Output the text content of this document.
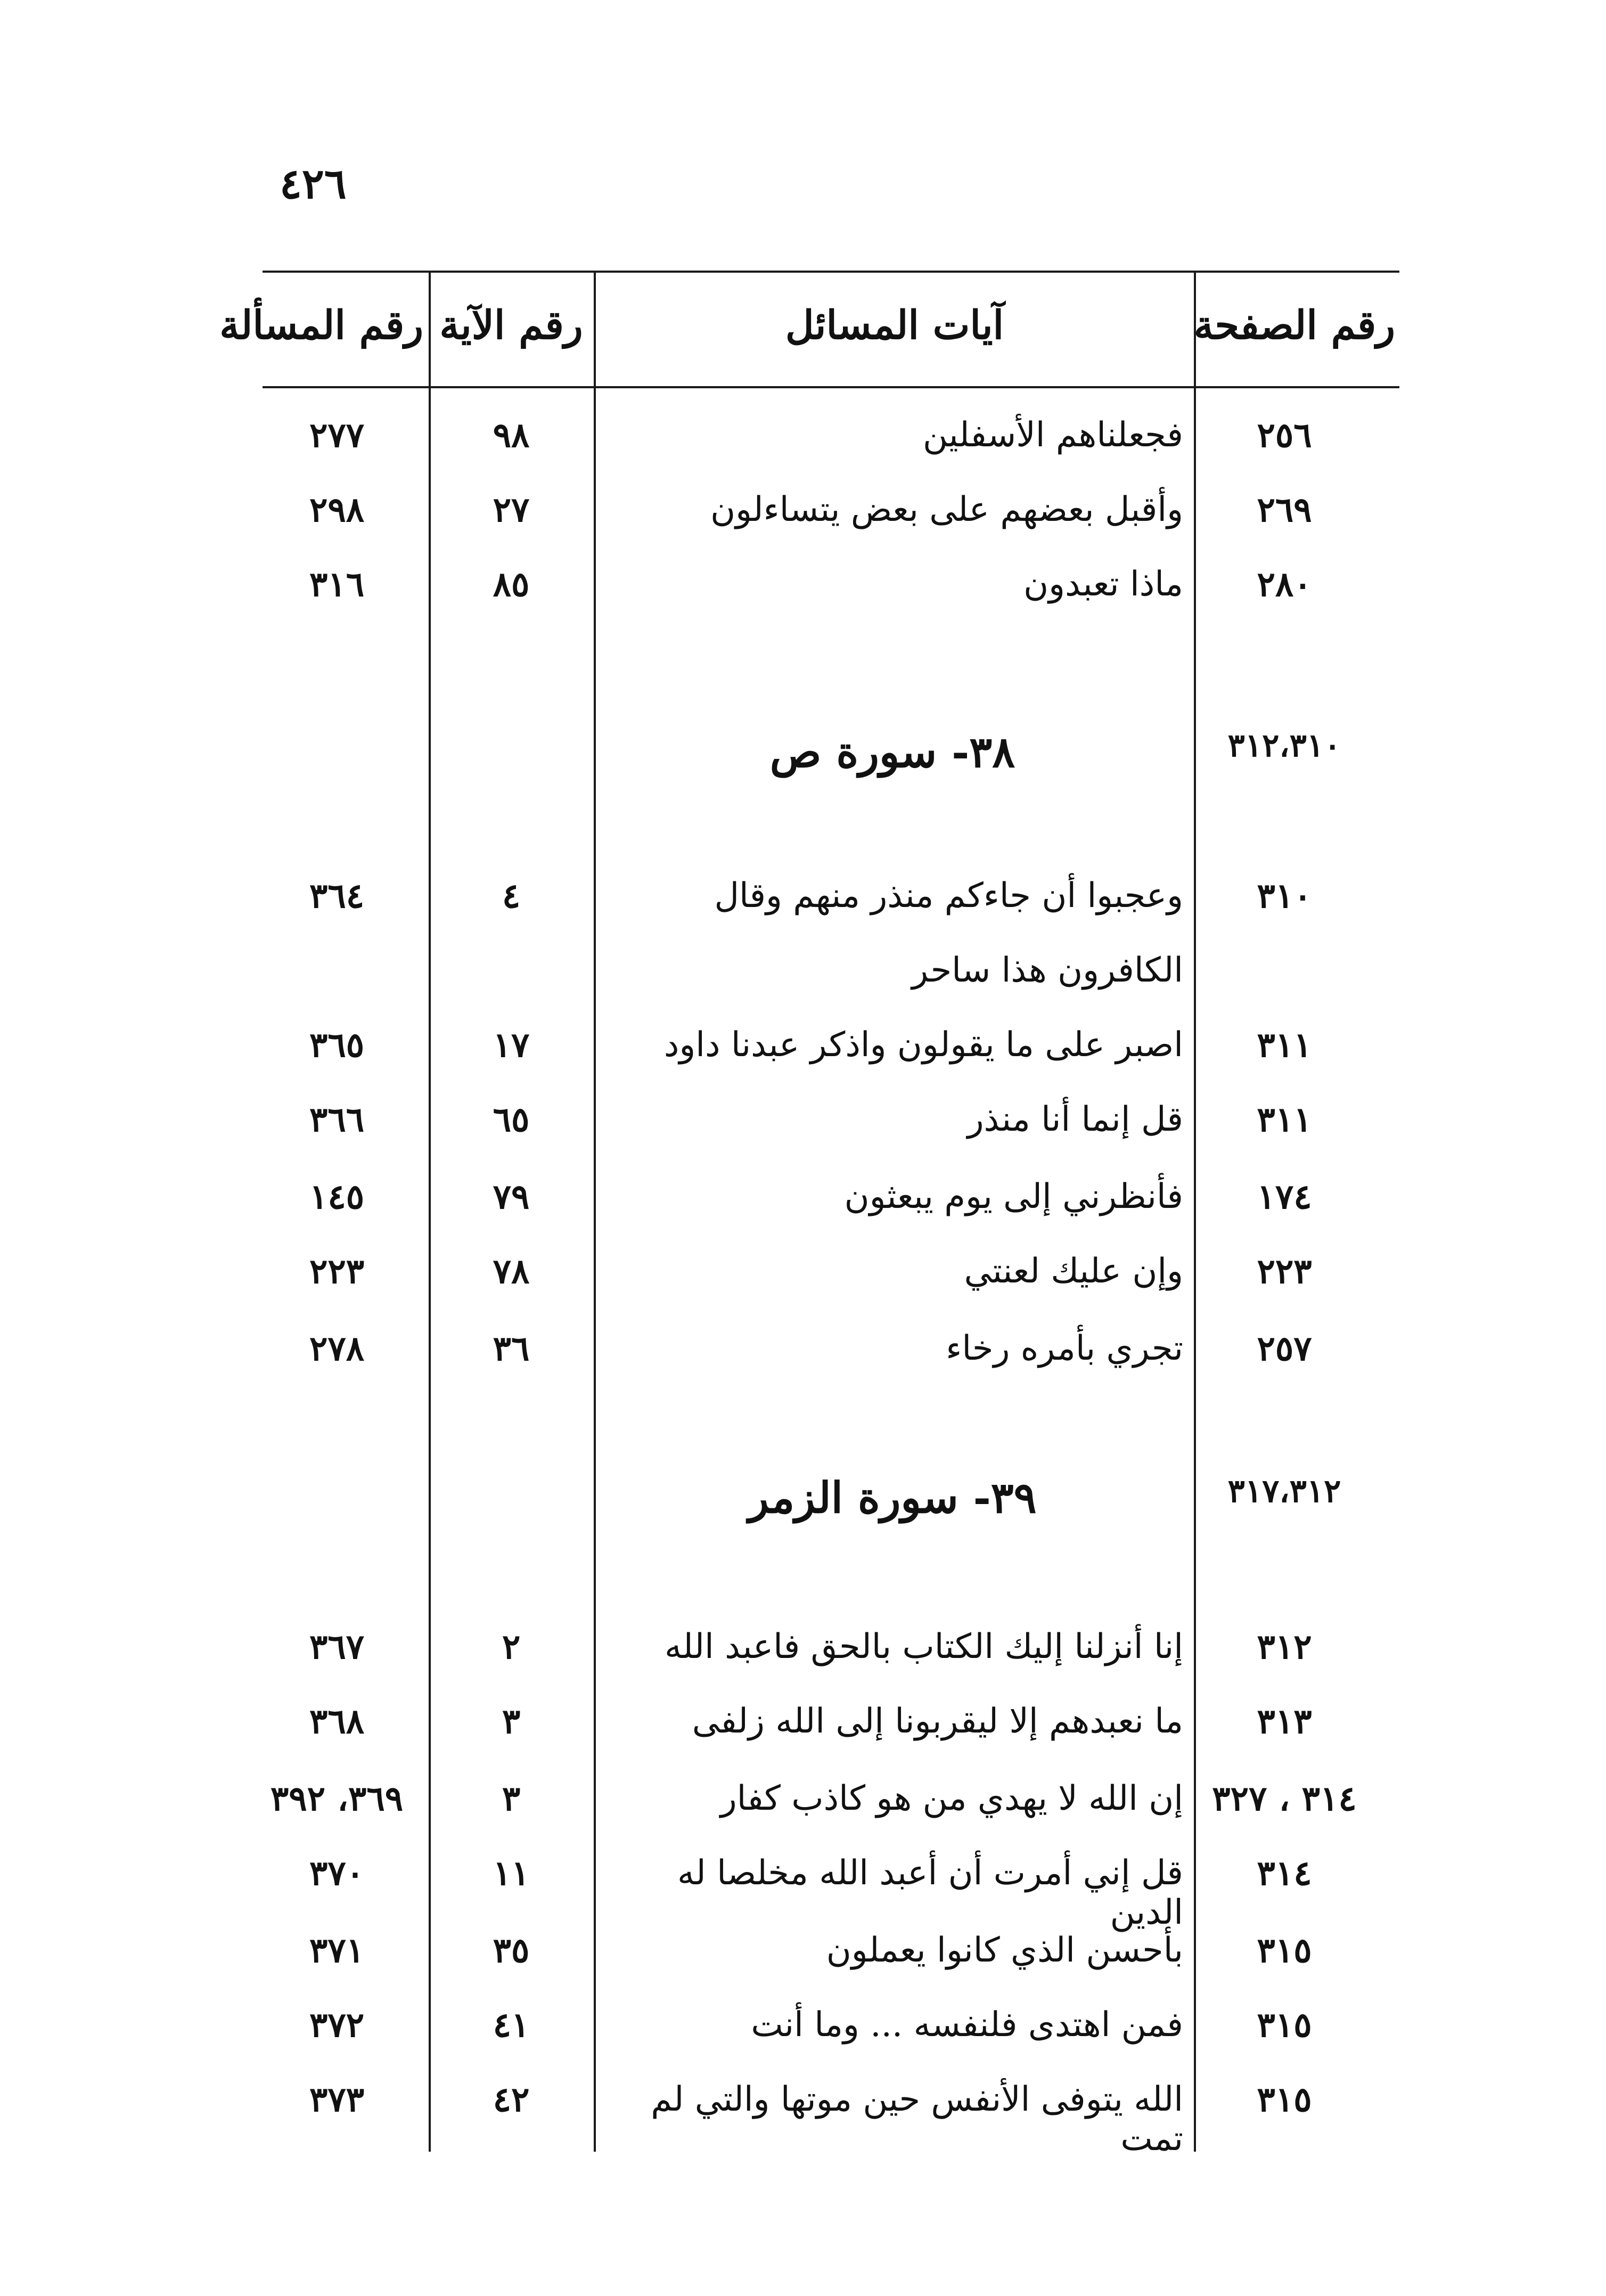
٤٢٦
رقم الصفحة
آيات المسائل
رقم الآية
رقم المسألة
٢٥٦
فجعلناهم الأسفلين
٩٨
٢٧٧
٢٦٩
وأقبل بعضهم على بعض يتساءلون
٢٧
٢٩٨
٢٨٠
ماذا تعبدون
٨٥
٣١٦
٣١٢،٣١٠
٣٨- سورة ص
٣١٠
وعجبوا أن جاءكم منذر منهم وقال
الكافرون هذا ساحر
٤
٣٦٤
٣١١
اصبر على ما يقولون واذكر عبدنا داود
١٧
٣٦٥
٣١١
قل إنما أنا منذر
٦٥
٣٦٦
١٧٤
فأنظرني إلى يوم يبعثون
٧٩
١٤٥
٢٢٣
وإن عليك لعنتي
٧٨
٢٢٣
٢٥٧
تجري بأمره رخاء
٣٦
٢٧٨
٣١٧،٣١٢
٣٩- سورة الزمر
٣١٢
إنا أنزلنا إليك الكتاب بالحق فاعبد الله
٢
٣٦٧
٣١٣
ما نعبدهم إلا ليقربونا إلى الله زلفى
٣
٣٦٨
٣١٤ ، ٣٢٧
إن الله لا يهدي من هو كاذب كفار
٣
٣٦٩، ٣٩٢
٣١٤
قل إني أمرت أن أعبد الله مخلصا له الدين
١١
٣٧٠
٣١٥
بأحسن الذي كانوا يعملون
٣٥
٣٧١
٣١٥
فمن اهتدى فلنفسه ... وما أنت
٤١
٣٧٢
٣١٥
الله يتوفى الأنفس حين موتها والتي لم تمت
٤٢
٣٧٣
